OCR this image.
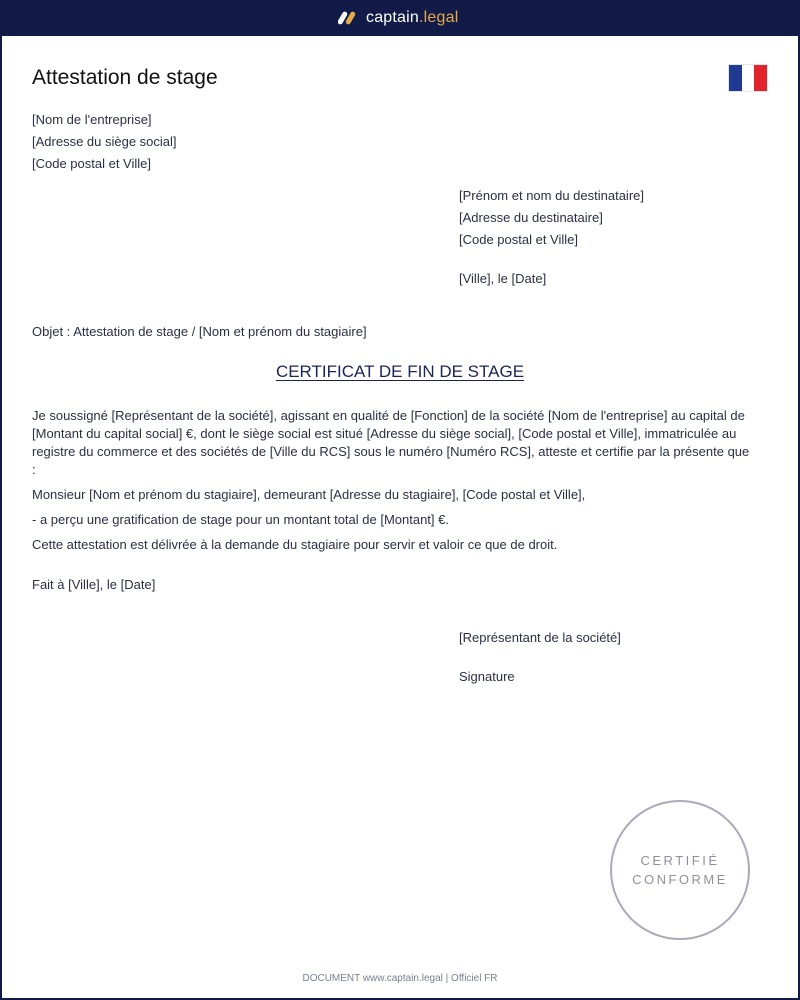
captain.legal
Attestation de stage
[Nom de l'entreprise]
[Adresse du siège social]
[Code postal et Ville]
[Prénom et nom du destinataire]
[Adresse du destinataire]
[Code postal et Ville]
[Ville], le [Date]
Objet : Attestation de stage / [Nom et prénom du stagiaire]
CERTIFICAT DE FIN DE STAGE
Je soussigné [Représentant de la société], agissant en qualité de [Fonction] de la société [Nom de l'entreprise] au capital de [Montant du capital social] €, dont le siège social est situé [Adresse du siège social], [Code postal et Ville], immatriculée au registre du commerce et des sociétés de [Ville du RCS] sous le numéro [Numéro RCS], atteste et certifie par la présente que :
Monsieur [Nom et prénom du stagiaire], demeurant [Adresse du stagiaire], [Code postal et Ville],
- a perçu une gratification de stage pour un montant total de [Montant] €.
Cette attestation est délivrée à la demande du stagiaire pour servir et valoir ce que de droit.
Fait à [Ville], le [Date]
[Représentant de la société]
Signature
CERTIFIÉ
CONFORME
DOCUMENT www.captain.legal | Officiel FR
